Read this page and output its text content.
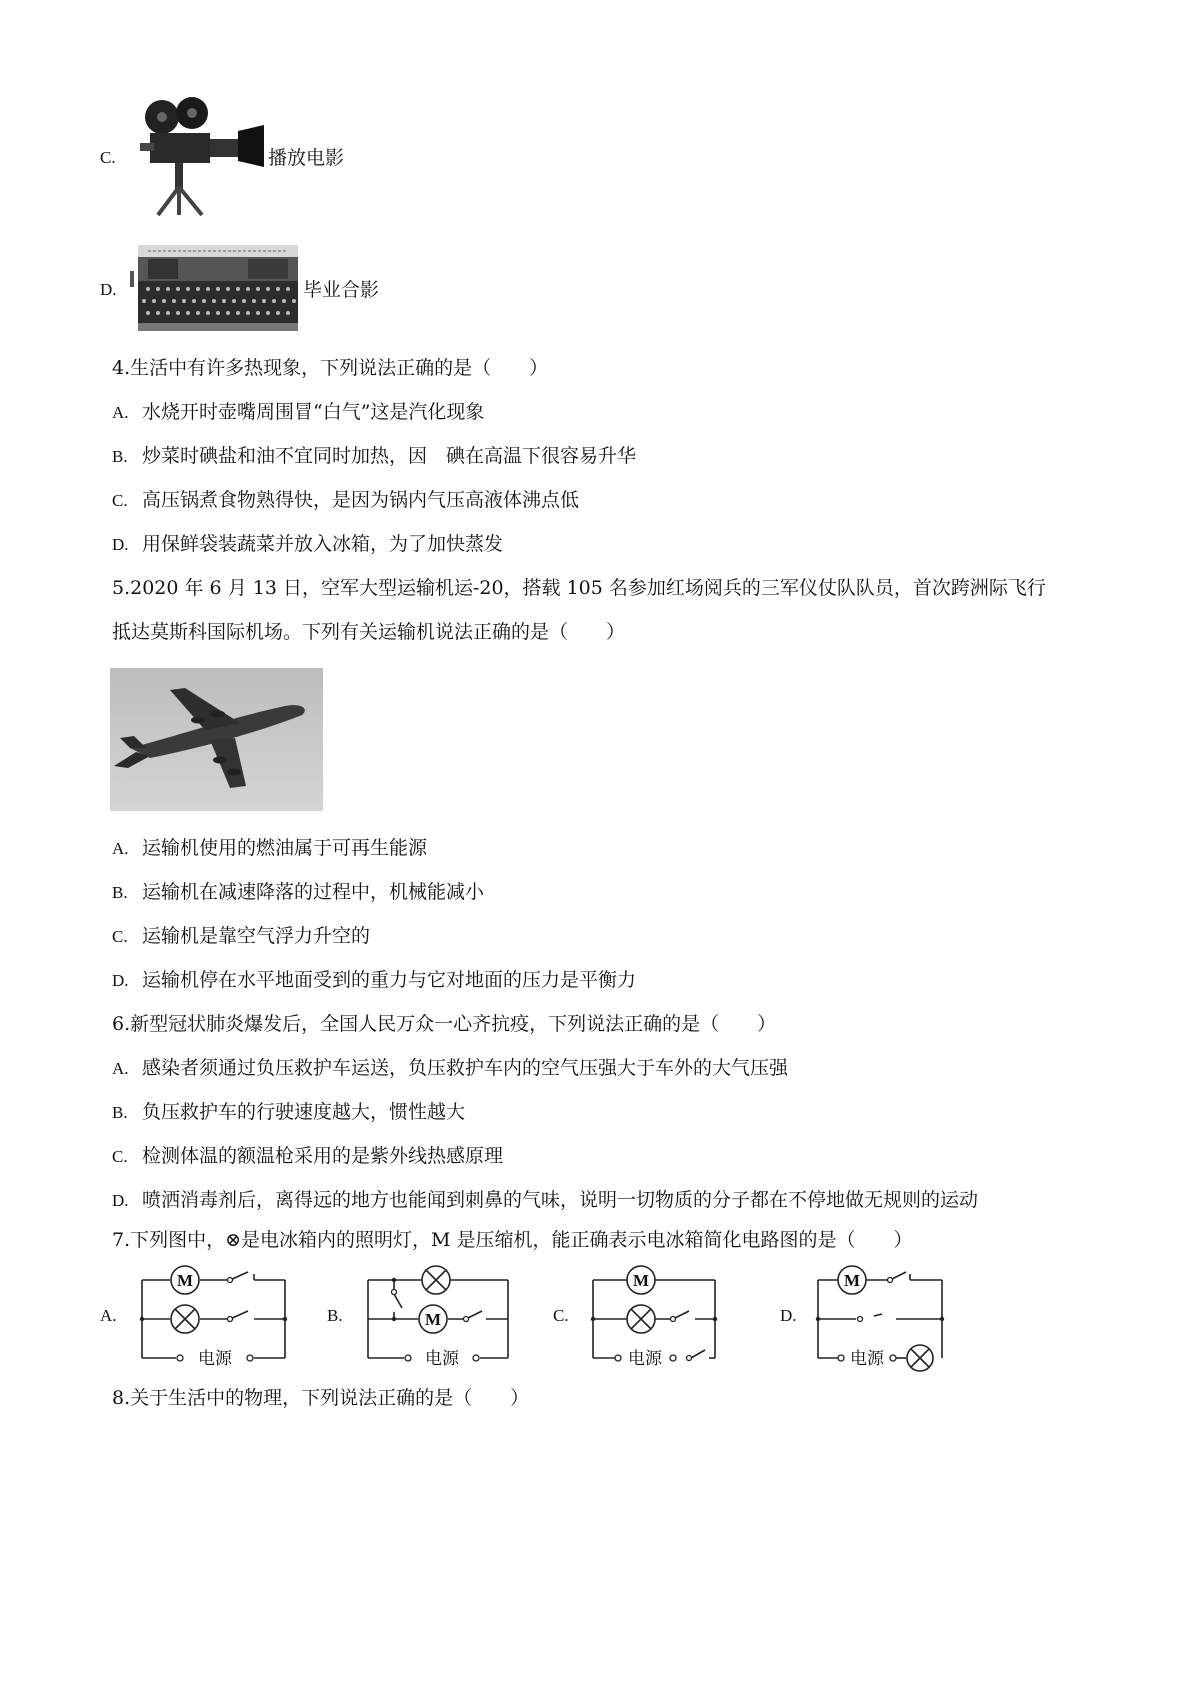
C.	播放电影
D.	毕业合影
4.生活中有许多热现象，下列说法正确的是（　　）
A. 水烧开时壶嘴周围冒“白气”这是汽化现象
B. 炒菜时碘盐和油不宜同时加热，因　碘在高温下很容易升华
C. 高压锅煮食物熟得快，是因为锅内气压高液体沸点低
D. 用保鲜袋装蔬菜并放入冰箱，为了加快蒸发
5.2020 年 6 月 13 日，空军大型运输机运-20，搭载 105 名参加红场阅兵的三军仪仗队队员，首次跨洲际飞行
抵达莫斯科国际机场。下列有关运输机说法正确的是（　　）
A. 运输机使用的燃油属于可再生能源
B. 运输机在减速降落的过程中，机械能减小
C. 运输机是靠空气浮力升空的
D. 运输机停在水平地面受到的重力与它对地面的压力是平衡力
6.新型冠状肺炎爆发后，全国人民万众一心齐抗疫，下列说法正确的是（　　）
A. 感染者须通过负压救护车运送，负压救护车内的空气压强大于车外的大气压强
B. 负压救护车的行驶速度越大，惯性越大
C. 检测体温的额温枪采用的是紫外线热感原理
D. 喷洒消毒剂后，离得远的地方也能闻到刺鼻的气味，说明一切物质的分子都在不停地做无规则的运动
7.下列图中，⊗是电冰箱内的照明灯，M 是压缩机，能正确表示电冰箱简化电路图的是（　　）
A.
M
电源
B.	M
电源
C.
M
电源
D.
M
电源
8.关于生活中的物理，下列说法正确的是（　　）
